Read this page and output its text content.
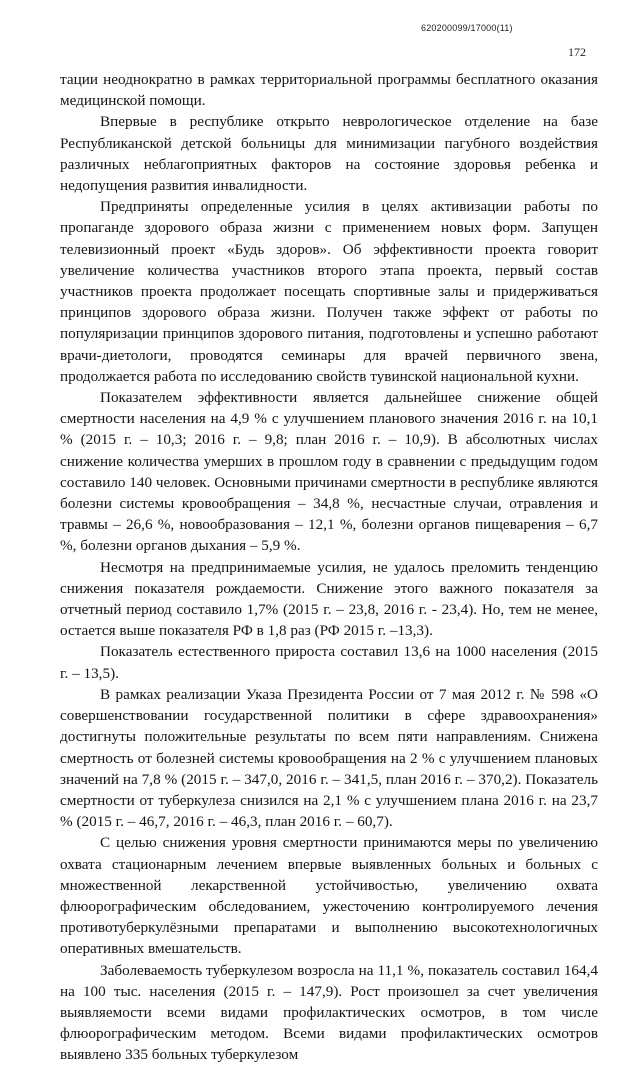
620200099/17000(11)
172

тации неоднократно в рамках территориальной программы бесплатного оказания медицинской помощи.

Впервые в республике открыто неврологическое отделение на базе Республиканской детской больницы для минимизации пагубного воздействия различных неблагоприятных факторов на состояние здоровья ребенка и недопущения развития инвалидности.

Предприняты определенные усилия в целях активизации работы по пропаганде здорового образа жизни с применением новых форм. Запущен телевизионный проект «Будь здоров». Об эффективности проекта говорит увеличение количества участников второго этапа проекта, первый состав участников проекта продолжает посещать спортивные залы и придерживаться принципов здорового образа жизни. Получен также эффект от работы по популяризации принципов здорового питания, подготовлены и успешно работают врачи-диетологи, проводятся семинары для врачей первичного звена, продолжается работа по исследованию свойств тувинской национальной кухни.

Показателем эффективности является дальнейшее снижение общей смертности населения на 4,9 % с улучшением планового значения 2016 г. на 10,1 % (2015 г. – 10,3; 2016 г. – 9,8; план 2016 г. – 10,9). В абсолютных числах снижение количества умерших в прошлом году в сравнении с предыдущим годом составило 140 человек. Основными причинами смертности в республике являются болезни системы кровообращения – 34,8 %, несчастные случаи, отравления и травмы – 26,6 %, новообразования – 12,1 %, болезни органов пищеварения – 6,7 %, болезни органов дыхания – 5,9 %.

Несмотря на предпринимаемые усилия, не удалось преломить тенденцию снижения показателя рождаемости. Снижение этого важного показателя за отчетный период составило 1,7% (2015 г. – 23,8, 2016 г. - 23,4). Но, тем не менее, остается выше показателя РФ в 1,8 раз (РФ 2015 г. –13,3).

Показатель естественного прироста составил 13,6 на 1000 населения (2015 г. – 13,5).

В рамках реализации Указа Президента России от 7 мая 2012 г. № 598 «О совершенствовании государственной политики в сфере здравоохранения» достигнуты положительные результаты по всем пяти направлениям. Снижена смертность от болезней системы кровообращения на 2 % с улучшением плановых значений на 7,8 % (2015 г. – 347,0, 2016 г. – 341,5, план 2016 г. – 370,2). Показатель смертности от туберкулеза снизился на 2,1 % с улучшением плана 2016 г. на 23,7 % (2015 г. – 46,7, 2016 г. – 46,3, план 2016 г. – 60,7).

С целью снижения уровня смертности принимаются меры по увеличению охвата стационарным лечением впервые выявленных больных и больных с множественной лекарственной устойчивостью, увеличению охвата флюорографическим обследованием, ужесточению контролируемого лечения противотуберкулёзными препаратами и выполнению высокотехнологичных оперативных вмешательств.

Заболеваемость туберкулезом возросла на 11,1 %, показатель составил 164,4 на 100 тыс. населения (2015 г. – 147,9). Рост произошел за счет увеличения выявляемости всеми видами профилактических осмотров, в том числе флюорографическим методом. Всеми видами профилактических осмотров выявлено 335 больных туберкулезом
